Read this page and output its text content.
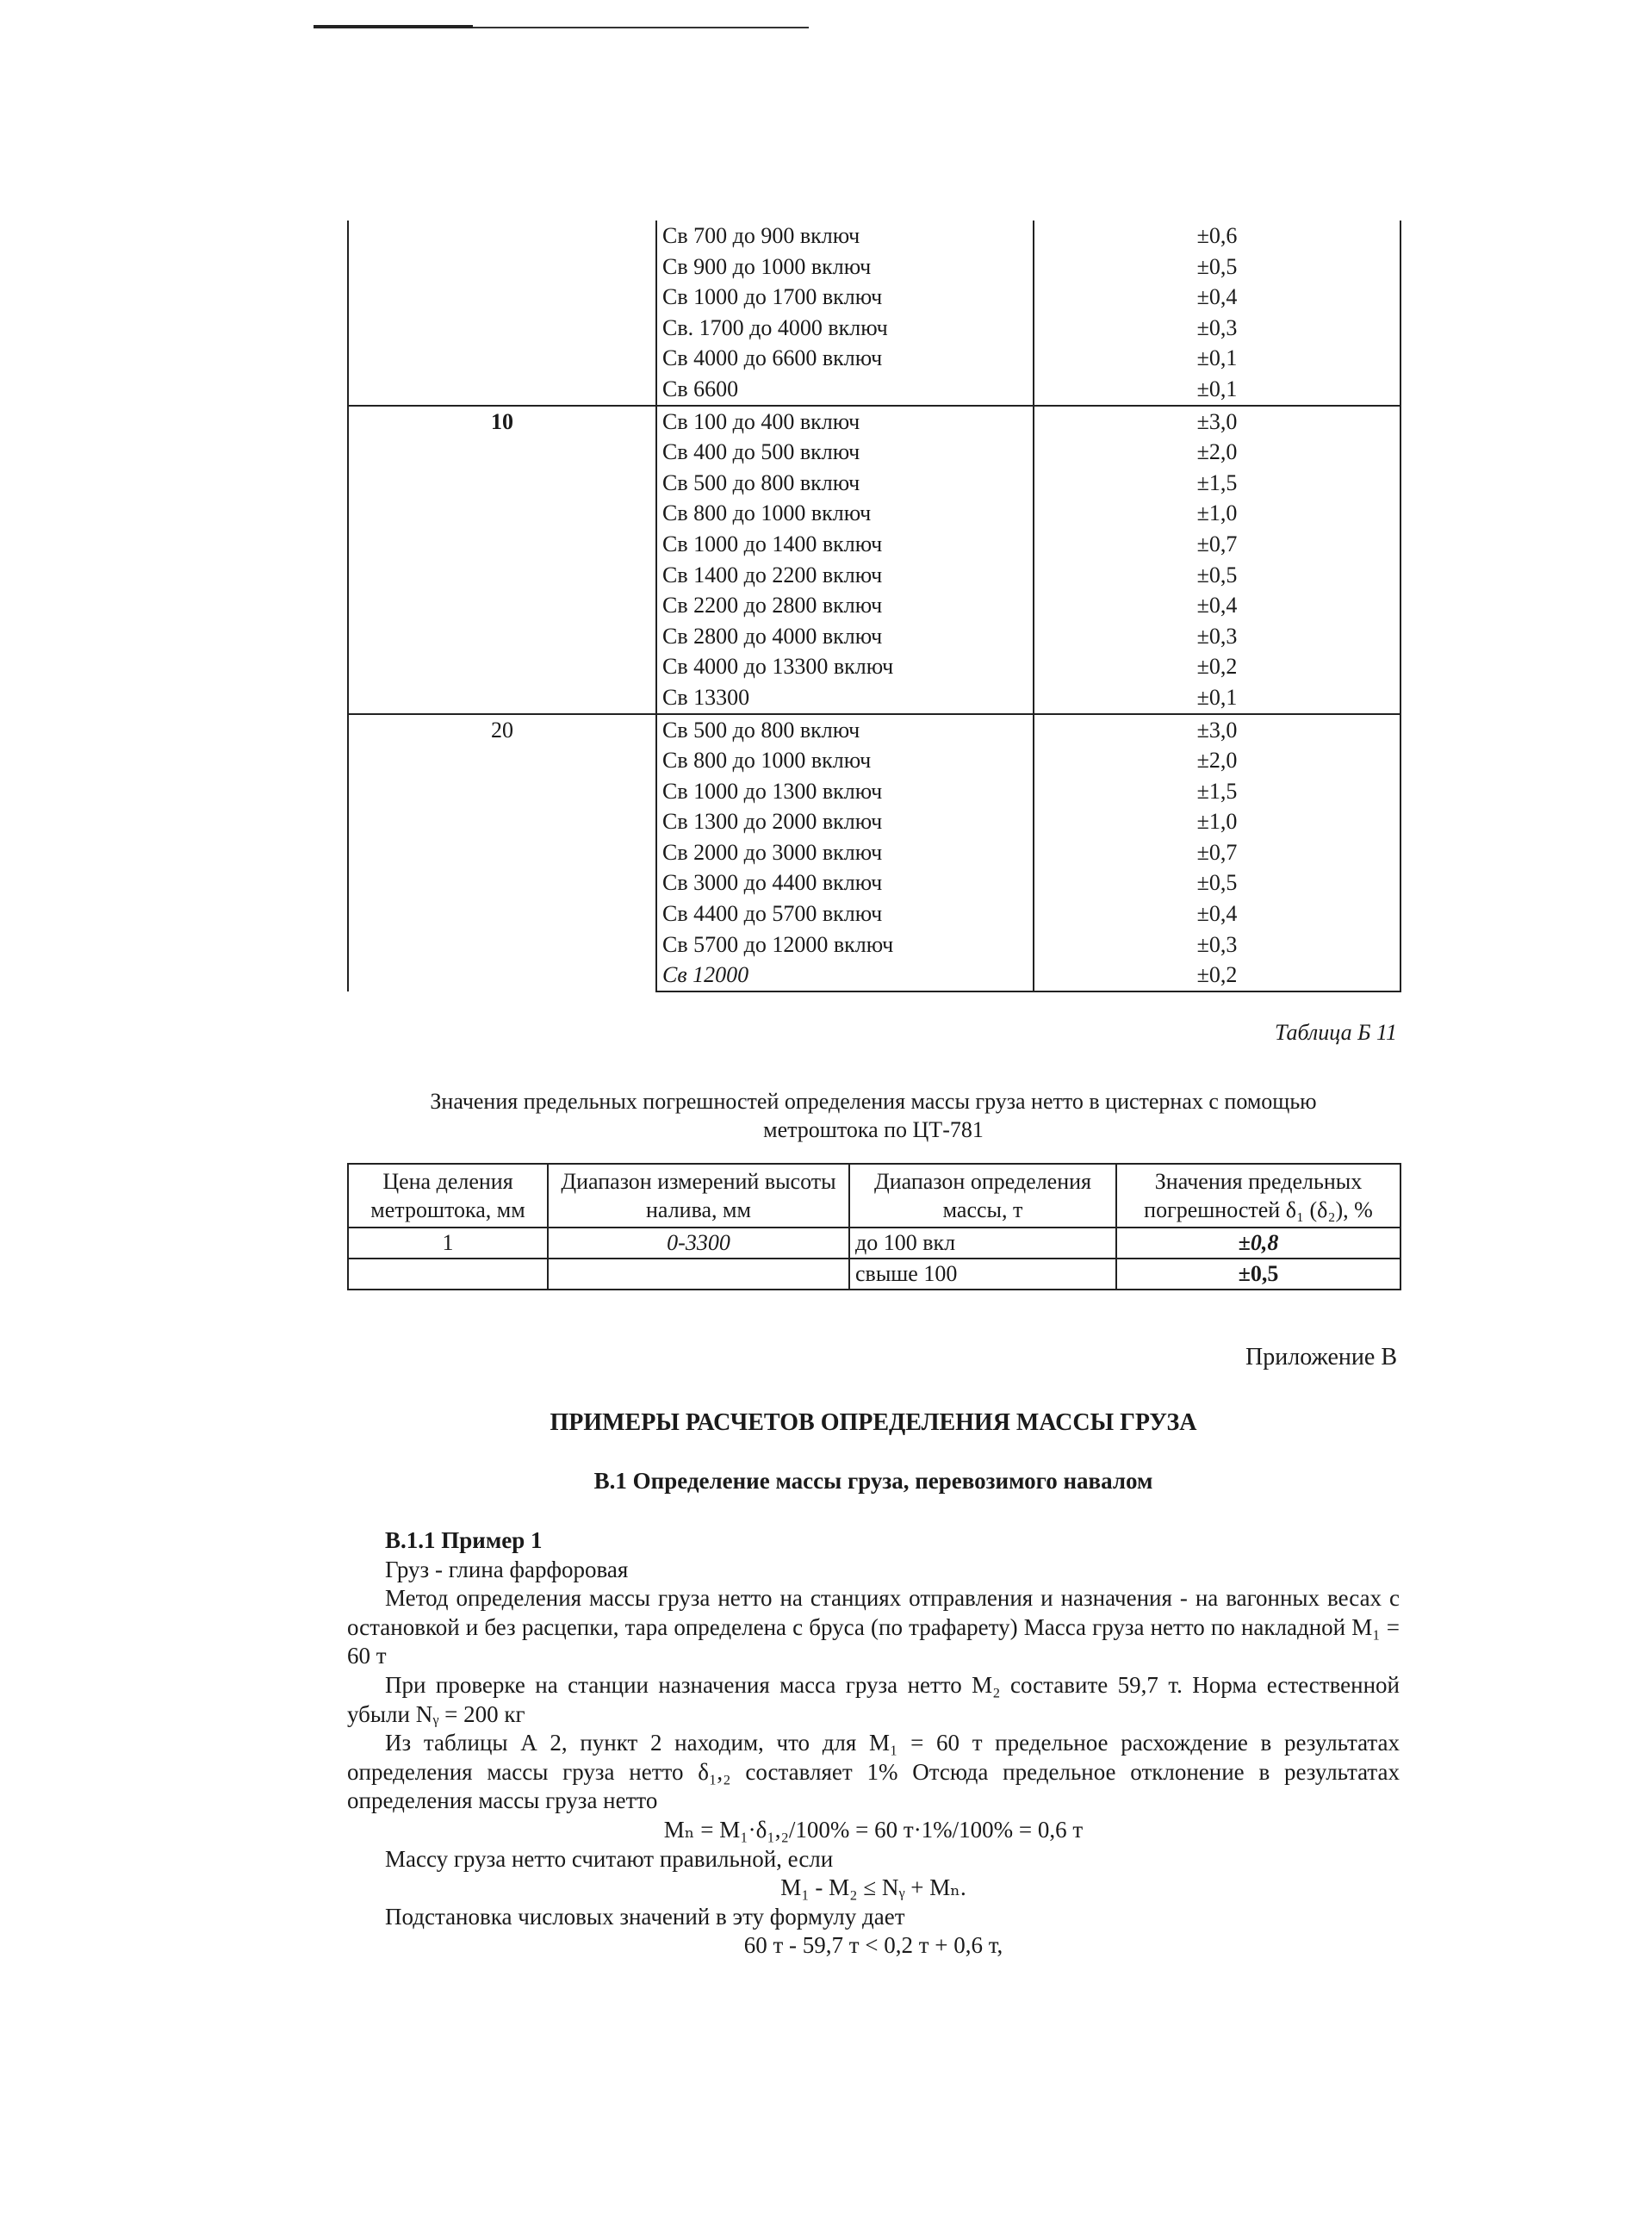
	Св 700 до 900 включ	±0,6
	Св 900 до 1000 включ	±0,5
	Св 1000 до 1700 включ	±0,4
	Св. 1700 до 4000 включ	±0,3
	Св 4000 до 6600 включ	±0,1
	Св 6600	±0,1
10	Св 100 до 400 включ	±3,0
	Св 400 до 500 включ	±2,0
	Св 500 до 800 включ	±1,5
	Св 800 до 1000 включ	±1,0
	Св 1000 до 1400 включ	±0,7
	Св 1400 до 2200 включ	±0,5
	Св 2200 до 2800 включ	±0,4
	Св 2800 до 4000 включ	±0,3
	Св 4000 до 13300 включ	±0,2
	Св 13300	±0,1
20	Св 500 до 800 включ	±3,0
	Св 800 до 1000 включ	±2,0
	Св 1000 до 1300 включ	±1,5
	Св 1300 до 2000 включ	±1,0
	Св 2000 до 3000 включ	±0,7
	Св 3000 до 4400 включ	±0,5
	Св 4400 до 5700 включ	±0,4
	Св 5700 до 12000 включ	±0,3
	Св 12000	±0,2
Таблица Б 11
Значения предельных погрешностей определения массы груза нетто в цистернах с помощью
метроштока по ЦТ-781
Цена деления метроштока, мм	Диапазон измерений высоты налива, мм	Диапазон определения массы, т	Значения предельных погрешностей δ₁ (δ₂), %
1	0-3300	до 100 вкл	±0,8
		свыше 100	±0,5
Приложение В
ПРИМЕРЫ РАСЧЕТОВ ОПРЕДЕЛЕНИЯ МАССЫ ГРУЗА
В.1 Определение массы груза, перевозимого навалом

В.1.1 Пример 1

Груз - глина фарфоровая

Метод определения массы груза нетто на станциях отправления и назначения - на вагонных весах с остановкой и без расцепки, тара определена с бруса (по трафарету) Масса груза нетто по накладной M₁ = 60 т

При проверке на станции назначения масса груза нетто M₂ составите 59,7 т. Норма естественной убыли Nᵧ = 200 кг

Из таблицы А 2, пункт 2 находим, что для M₁ = 60 т предельное расхождение в результатах определения массы груза нетто δ₁,₂ составляет 1% Отсюда предельное отклонение в результатах определения массы груза нетто

Mₙ = M₁·δ₁,₂/100% = 60 т·1%/100% = 0,6 т

Массу груза нетто считают правильной, если

M₁ - M₂ ≤ Nᵧ + Mₙ.

Подстановка числовых значений в эту формулу дает

60 т - 59,7 т < 0,2 т + 0,6 т,
